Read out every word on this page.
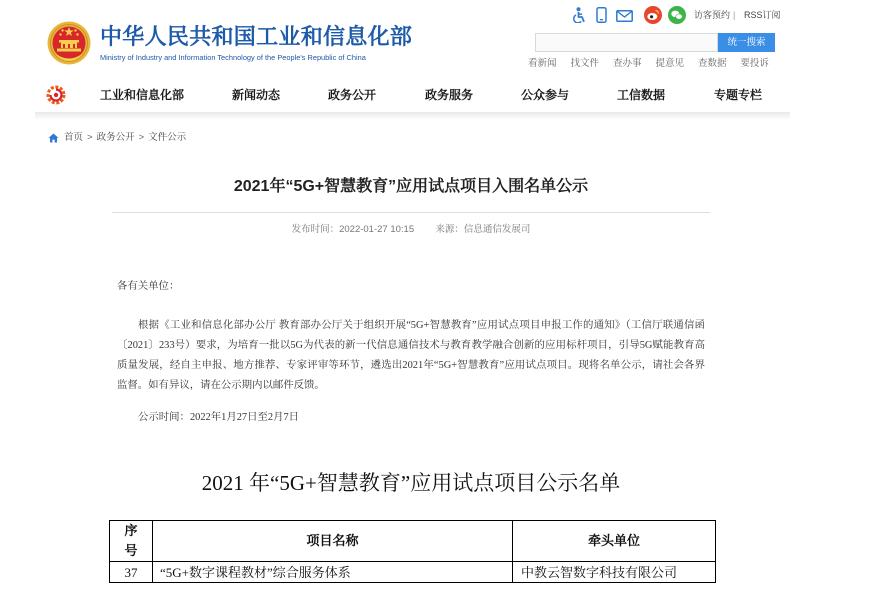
中华人民共和国工业和信息化部
Ministry of Industry and Information Technology of the People's Republic of China
访客预约 | RSS订阅
统一搜索
看新闻 找文件 查办事 提意见 查数据 要投诉
工业和信息化部	新闻动态	政务公开	政务服务	公众参与	工信数据	专题专栏
首页 > 政务公开 > 文件公示
2021年“5G+智慧教育”应用试点项目入围名单公示
发布时间：2022-01-27 10:15 来源：信息通信发展司
各有关单位：
根据《工业和信息化部办公厅 教育部办公厅关于组织开展“5G+智慧教育”应用试点项目申报工作的通知》（工信厅联通信函〔2021〕233号）要求，为培育一批以5G为代表的新一代信息通信技术与教育教学融合创新的应用标杆项目，引导5G赋能教育高质量发展，经自主申报、地方推荐、专家评审等环节，遴选出2021年“5G+智慧教育”应用试点项目。现将名单公示，请社会各界监督。如有异议，请在公示期内以邮件反馈。
公示时间：2022年1月27日至2月7日
2021 年“5G+智慧教育”应用试点项目公示名单
序号	项目名称	牵头单位
37	“5G+数字课程教材”综合服务体系	中教云智数字科技有限公司
